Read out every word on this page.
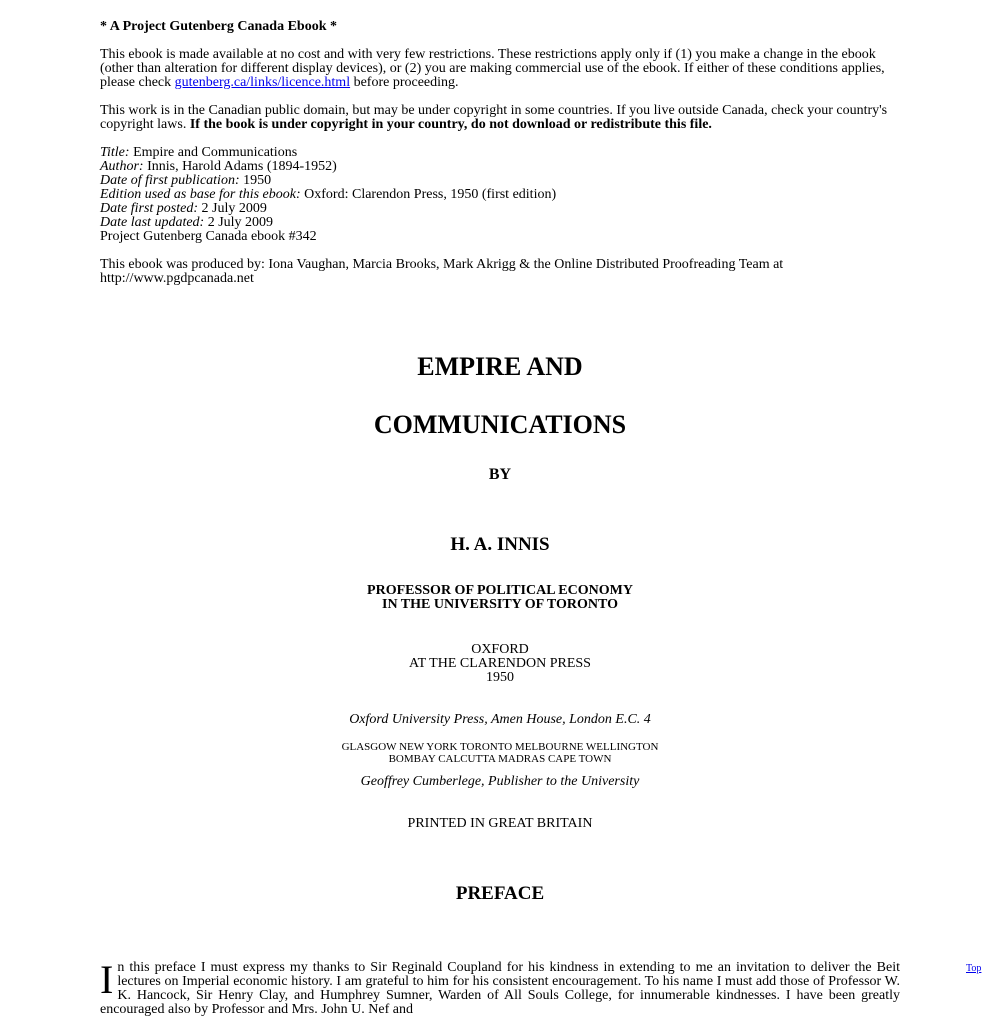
* A Project Gutenberg Canada Ebook *

This ebook is made available at no cost and with very few restrictions. These restrictions apply only if (1) you make a change in the ebook (other than alteration for different display devices), or (2) you are making commercial use of the ebook. If either of these conditions applies, please check gutenberg.ca/links/licence.html before proceeding.

This work is in the Canadian public domain, but may be under copyright in some countries. If you live outside Canada, check your country's copyright laws. If the book is under copyright in your country, do not download or redistribute this file.

Title: Empire and Communications
Author: Innis, Harold Adams (1894-1952)
Date of first publication: 1950
Edition used as base for this ebook: Oxford: Clarendon Press, 1950 (first edition)
Date first posted: 2 July 2009
Date last updated: 2 July 2009
Project Gutenberg Canada ebook #342

This ebook was produced by: Iona Vaughan, Marcia Brooks, Mark Akrigg & the Online Distributed Proofreading Team at http://www.pgdpcanada.net

EMPIRE AND

COMMUNICATIONS

BY

H. A. INNIS

PROFESSOR OF POLITICAL ECONOMY

IN THE UNIVERSITY OF TORONTO

OXFORD

AT THE CLARENDON PRESS

1950

Oxford University Press, Amen House, London E.C. 4

GLASGOW NEW YORK TORONTO MELBOURNE WELLINGTON

BOMBAY CALCUTTA MADRAS CAPE TOWN

Geoffrey Cumberlege, Publisher to the University

PRINTED IN GREAT BRITAIN

PREFACE

In this preface I must express my thanks to Sir Reginald Coupland for his kindness in extending to me an invitation to deliver the Beit lectures on Imperial economic history. I am grateful to him for his consistent encouragement. To his name I must add those of Professor W. K. Hancock, Sir Henry Clay, and Humphrey Sumner, Warden of All Souls College, for innumerable kindnesses. I have been greatly encouraged also by Professor and Mrs. John U. Nef and
Top
